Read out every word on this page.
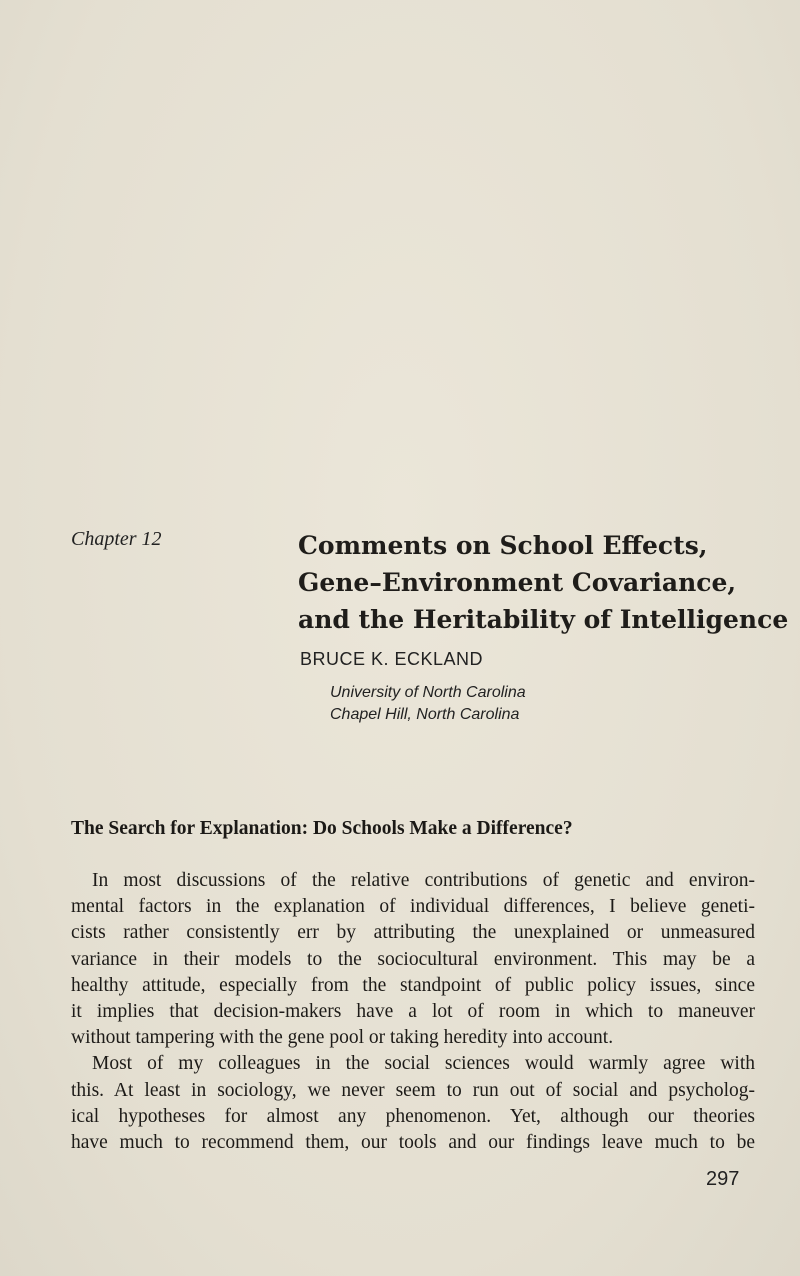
Chapter 12	Comments on School Effects,
Gene–Environment Covariance,
and the Heritability of Intelligence
BRUCE K. ECKLAND
University of North Carolina
Chapel Hill, North Carolina
The Search for Explanation: Do Schools Make a Difference?
In most discussions of the relative contributions of genetic and environ-
mental factors in the explanation of individual differences, I believe geneti-
cists rather consistently err by attributing the unexplained or unmeasured
variance in their models to the sociocultural environment. This may be a
healthy attitude, especially from the standpoint of public policy issues, since
it implies that decision-makers have a lot of room in which to maneuver
without tampering with the gene pool or taking heredity into account.
Most of my colleagues in the social sciences would warmly agree with
this. At least in sociology, we never seem to run out of social and psycholog-
ical hypotheses for almost any phenomenon. Yet, although our theories
have much to recommend them, our tools and our findings leave much to be
297
